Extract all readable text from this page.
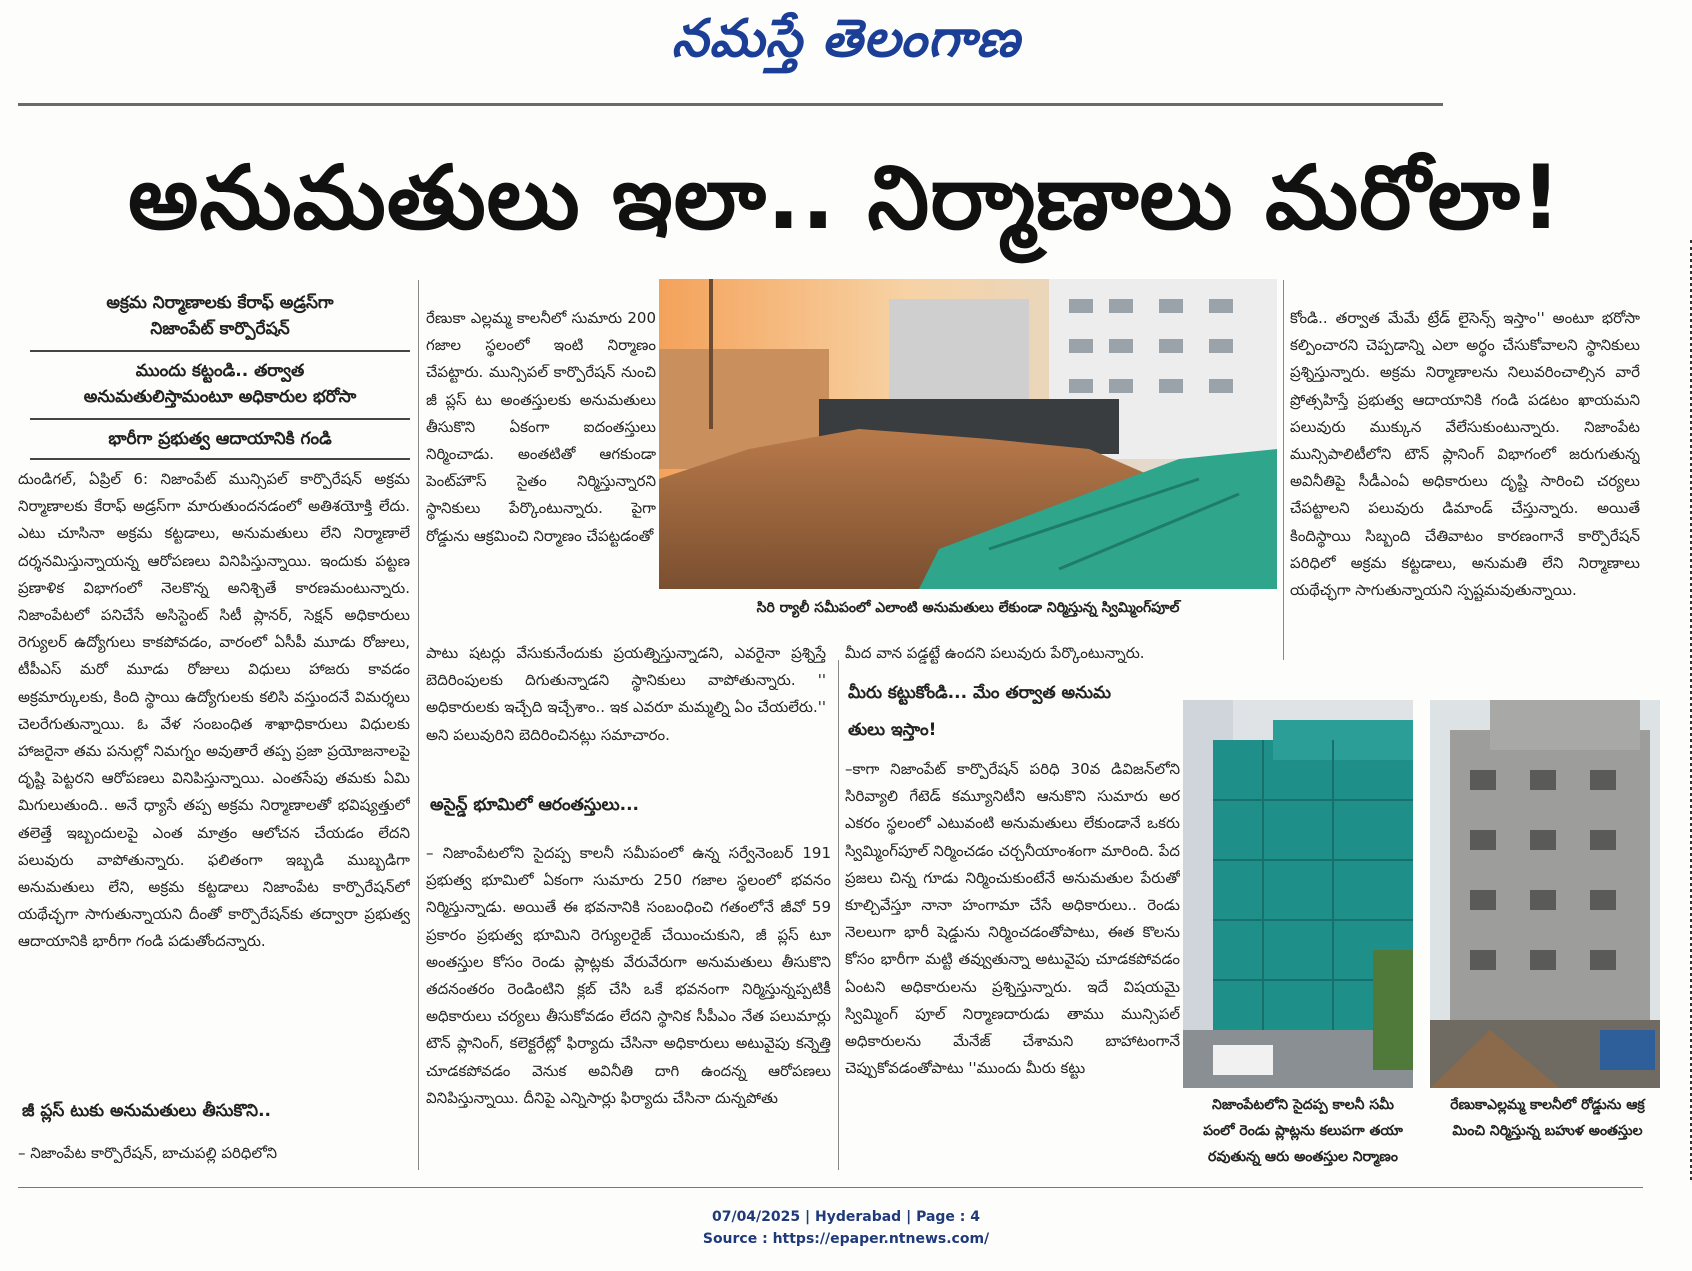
నమస్తే తెలంగాణ
అనుమతులు ఇలా.. నిర్మాణాలు మరోలా!
అక్రమ నిర్మాణాలకు కేరాఫ్ అడ్రస్‌గా
నిజాంపేట్ కార్పొరేషన్
ముందు కట్టండి.. తర్వాత
అనుమతులిస్తామంటూ అధికారుల భరోసా
భారీగా ప్రభుత్వ ఆదాయానికి గండి
దుండిగల్, ఏప్రిల్ 6: నిజాంపేట్ మున్సిపల్ కార్పొరేషన్ అక్రమ నిర్మాణాలకు కేరాఫ్ అడ్రస్‌గా మారుతుందనడంలో అతిశయోక్తి లేదు. ఎటు చూసినా అక్రమ కట్టడాలు, అనుమతులు లేని నిర్మాణాలే దర్శనమిస్తున్నాయన్న ఆరోపణలు వినిపిస్తున్నాయి. ఇందుకు పట్టణ ప్రణాళిక విభాగంలో నెలకొన్న అనిశ్చితే కారణమంటున్నారు. నిజాంపేటలో పనిచేసే అసిస్టెంట్ సిటీ ప్లానర్, సెక్షన్ అధికారులు రెగ్యులర్ ఉద్యోగులు కాకపోవడం, వారంలో ఏసీపీ మూడు రోజులు, టీపీఎస్ మరో మూడు రోజులు విధులు హాజరు కావడం అక్రమార్కులకు, కింది స్థాయి ఉద్యోగులకు కలిసి వస్తుందనే విమర్శలు చెలరేగుతున్నాయి. ఓ వేళ సంబంధిత శాఖాధికారులు విధులకు హాజరైనా తమ పనుల్లో నిమగ్నం అవుతారే తప్ప ప్రజా ప్రయోజనాలపై దృష్టి పెట్టరని ఆరోపణలు వినిపిస్తున్నాయి. ఎంతసేపు తమకు ఏమి మిగులుతుంది.. అనే ధ్యాసే తప్ప అక్రమ నిర్మాణాలతో భవిష్యత్తులో తలెత్తే ఇబ్బందులపై ఎంత మాత్రం ఆలోచన చేయడం లేదని పలువురు వాపోతున్నారు. ఫలితంగా ఇబ్బడి ముబ్బడిగా అనుమతులు లేని, అక్రమ కట్టడాలు నిజాంపేట కార్పొరేషన్‌లో యథేచ్ఛగా సాగుతున్నాయని దీంతో కార్పొరేషన్‌కు తద్వారా ప్రభుత్వ ఆదాయానికి భారీగా గండి పడుతోందన్నారు.
జీ ప్లస్ టుకు అనుమతులు తీసుకొని..
– నిజాంపేట కార్పొరేషన్, బాచుపల్లి పరిధిలోని
రేణుకా ఎల్లమ్మ కాలనీలో సుమారు 200 గజాల స్థలంలో ఇంటి నిర్మాణం చేపట్టారు. మున్సిపల్ కార్పొరేషన్ నుంచి జీ ప్లస్ టు అంతస్తులకు అనుమతులు తీసుకొని ఏకంగా ఐదంతస్తులు నిర్మించాడు. అంతటితో ఆగకుండా పెంట్‌హౌస్ సైతం నిర్మిస్తున్నారని స్థానికులు పేర్కొంటున్నారు. పైగా రోడ్డును ఆక్రమించి నిర్మాణం చేపట్టడంతో
పాటు షటర్లు వేసుకునేందుకు ప్రయత్నిస్తున్నాడని, ఎవరైనా ప్రశ్నిస్తే బెదిరింపులకు దిగుతున్నాడని స్థానికులు వాపోతున్నారు. '' అధికారులకు ఇచ్చేది ఇచ్చేశాం.. ఇక ఎవరూ మమ్మల్ని ఏం చేయలేరు.'' అని పలువురిని బెదిరించినట్లు సమాచారం.
అసైన్డ్ భూమిలో ఆరంతస్తులు...
– నిజాంపేటలోని సైదప్ప కాలనీ సమీపంలో ఉన్న సర్వేనెంబర్ 191 ప్రభుత్వ భూమిలో ఏకంగా సుమారు 250 గజాల స్థలంలో భవనం నిర్మిస్తున్నాడు. అయితే ఈ భవనానికి సంబంధించి గతంలోనే జీవో 59 ప్రకారం ప్రభుత్వ భూమిని రెగ్యులరైజ్ చేయించుకుని, జీ ప్లస్ టూ అంతస్తుల కోసం రెండు ప్లాట్లకు వేరువేరుగా అనుమతులు తీసుకొని తదనంతరం రెండింటిని క్లబ్ చేసి ఒకే భవనంగా నిర్మిస్తున్నప్పటికీ అధికారులు చర్యలు తీసుకోవడం లేదని స్థానిక సీపీఎం నేత పలుమార్లు టౌన్ ప్లానింగ్, కలెక్టరేట్లో ఫిర్యాదు చేసినా అధికారులు అటువైపు కన్నెత్తి చూడకపోవడం వెనుక అవినీతి దాగి ఉందన్న ఆరోపణలు వినిపిస్తున్నాయి. దీనిపై ఎన్నిసార్లు ఫిర్యాదు చేసినా దున్నపోతు
సిరి ర్యాలీ సమీపంలో ఎలాంటి అనుమతులు లేకుండా నిర్మిస్తున్న స్విమ్మింగ్‌పూల్
మీద వాన పడ్డట్టే ఉందని పలువురు పేర్కొంటున్నారు.
మీరు కట్టుకోండి... మేం తర్వాత అనుమ
తులు ఇస్తాం!
–కాగా నిజాంపేట్ కార్పొరేషన్ పరిధి 30వ డివిజన్‌లోని సిరివ్యాలి గేటెడ్ కమ్యూనిటీని ఆనుకొని సుమారు అర ఎకరం స్థలంలో ఎటువంటి అనుమతులు లేకుండానే ఒకరు స్విమ్మింగ్‌పూల్ నిర్మించడం చర్చనీయాంశంగా మారింది. పేద ప్రజలు చిన్న గూడు నిర్మించుకుంటేనే అనుమతుల పేరుతో కూల్చివేస్తూ నానా హంగామా చేసే అధికారులు.. రెండు నెలలుగా భారీ షెడ్డును నిర్మించడంతోపాటు, ఈత కొలను కోసం భారీగా మట్టి తవ్వుతున్నా అటువైపు చూడకపోవడం ఏంటని అధికారులను ప్రశ్నిస్తున్నారు. ఇదే విషయమై స్విమ్మింగ్ పూల్ నిర్మాణదారుడు తాము మున్సిపల్ అధికారులను మేనేజ్ చేశామని బాహాటంగానే చెప్పుకోవడంతోపాటు ''ముందు మీరు కట్టు
కోండి.. తర్వాత మేమే ట్రేడ్ లైసెన్స్ ఇస్తాం'' అంటూ భరోసా కల్పించారని చెప్పడాన్ని ఎలా అర్థం చేసుకోవాలని స్థానికులు ప్రశ్నిస్తున్నారు. అక్రమ నిర్మాణాలను నిలువరించాల్సిన వారే ప్రోత్సహిస్తే ప్రభుత్వ ఆదాయానికి గండి పడటం ఖాయమని పలువురు ముక్కున వేలేసుకుంటున్నారు. నిజాంపేట మున్సిపాలిటీలోని టౌన్ ప్లానింగ్ విభాగంలో జరుగుతున్న అవినీతిపై సీడీఎంఏ అధికారులు దృష్టి సారించి చర్యలు చేపట్టాలని పలువురు డిమాండ్ చేస్తున్నారు. అయితే కిందిస్థాయి సిబ్బంది చేతివాటం కారణంగానే కార్పొరేషన్ పరిధిలో అక్రమ కట్టడాలు, అనుమతి లేని నిర్మాణాలు యథేచ్ఛగా సాగుతున్నాయని స్పష్టమవుతున్నాయి.
నిజాంపేటలోని సైదప్ప కాలనీ సమీ
పంలో రెండు ప్లాట్లను కలుపగా తయా
రవుతున్న ఆరు అంతస్తుల నిర్మాణం
రేణుకాఎల్లమ్మ కాలనీలో రోడ్డును ఆక్ర
మించి నిర్మిస్తున్న బహుళ అంతస్తుల
07/04/2025 | Hyderabad | Page : 4
Source : https://epaper.ntnews.com/
